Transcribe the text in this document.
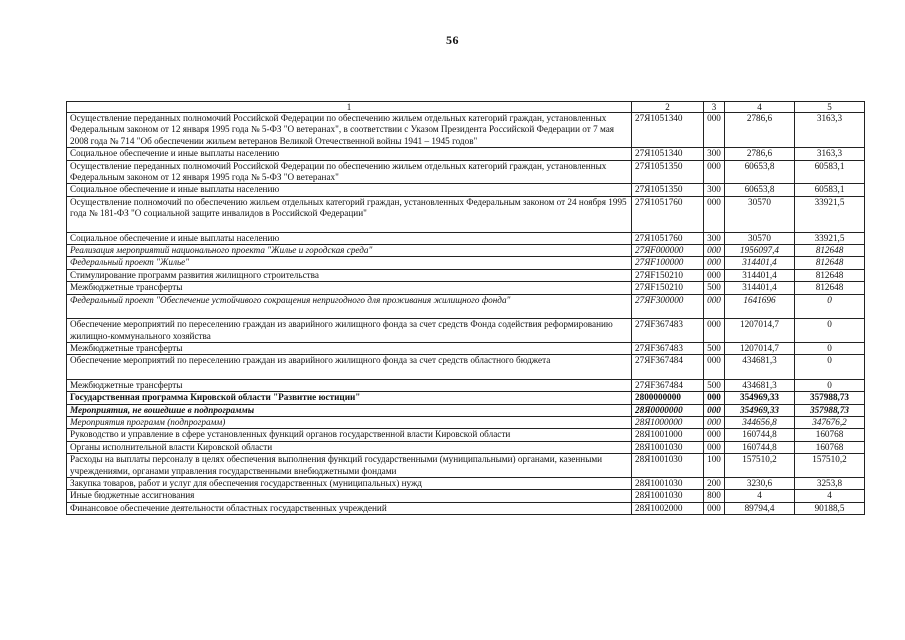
56
1	2	3	4	5
Осуществление переданных полномочий Российской Федерации по обеспечению жильем отдельных категорий граждан, установленных Федеральным законом от 12 января 1995 года № 5-ФЗ "О ветеранах", в соответствии с Указом Президента Российской Федерации от 7 мая 2008 года № 714 "Об обеспечении жильем ветеранов Великой Отечественной войны 1941 – 1945 годов"	27Я1051340	000	2786,6	3163,3
Социальное обеспечение и иные выплаты населению	27Я1051340	300	2786,6	3163,3
Осуществление переданных полномочий Российской Федерации по обеспечению жильем отдельных категорий граждан, установленных Федеральным законом от 12 января 1995 года № 5-ФЗ "О ветеранах"	27Я1051350	000	60653,8	60583,1
Социальное обеспечение и иные выплаты населению	27Я1051350	300	60653,8	60583,1
Осуществление полномочий по обеспечению жильем отдельных категорий граждан, установленных Федеральным законом от 24 ноября 1995 года № 181-ФЗ "О социальной защите инвалидов в Российской Федерации"	27Я1051760	000	30570	33921,5
Социальное обеспечение и иные выплаты населению	27Я1051760	300	30570	33921,5
Реализация мероприятий национального проекта "Жилье и городская среда"	27ЯF000000	000	1956097,4	812648
Федеральный проект "Жилье"	27ЯF100000	000	314401,4	812648
Стимулирование программ развития жилищного строительства	27ЯF150210	000	314401,4	812648
Межбюджетные трансферты	27ЯF150210	500	314401,4	812648
Федеральный проект "Обеспечение устойчивого сокращения непригодного для проживания жилищного фонда"	27ЯF300000	000	1641696	0
Обеспечение мероприятий по переселению граждан из аварийного жилищного фонда за счет средств Фонда содействия реформированию жилищно-коммунального хозяйства	27ЯF367483	000	1207014,7	0
Межбюджетные трансферты	27ЯF367483	500	1207014,7	0
Обеспечение мероприятий по переселению граждан из аварийного жилищного фонда за счет средств областного бюджета	27ЯF367484	000	434681,3	0
Межбюджетные трансферты	27ЯF367484	500	434681,3	0
Государственная программа Кировской области "Развитие юстиции"	2800000000	000	354969,33	357988,73
Мероприятия, не вошедшие в подпрограммы	28Я0000000	000	354969,33	357988,73
Мероприятия программ (подпрограмм)	28Я1000000	000	344656,8	347676,2
Руководство и управление в сфере установленных функций органов государственной власти Кировской области	28Я1001000	000	160744,8	160768
Органы исполнительной власти Кировской области	28Я1001030	000	160744,8	160768
Расходы на выплаты персоналу в целях обеспечения выполнения функций государственными (муниципальными) органами, казенными учреждениями, органами управления государственными внебюджетными фондами	28Я1001030	100	157510,2	157510,2
Закупка товаров, работ и услуг для обеспечения государственных (муниципальных) нужд	28Я1001030	200	3230,6	3253,8
Иные бюджетные ассигнования	28Я1001030	800	4	4
Финансовое обеспечение деятельности областных государственных учреждений	28Я1002000	000	89794,4	90188,5
